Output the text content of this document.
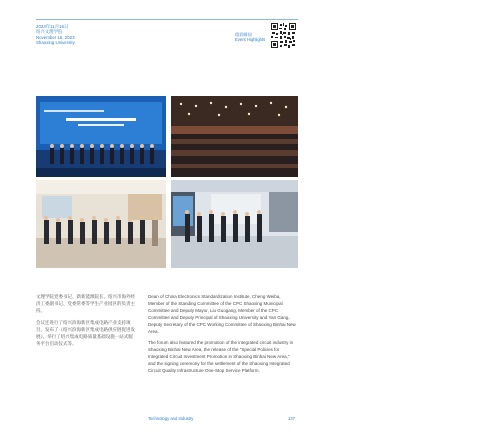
2023年11月16日
绍兴文理学院
November 16, 2023
Shaoxing University
精彩瞬间
Event Highlights

文理学院党委书记、新新能源院长、绍兴市海外经济工委副书记、党委常委等学生产业园区的负责主持。

会议还进行了绍兴滨海新区集成电路产业支持项目、发布了《绍兴滨海新区集成电路供应链促进发展》，举行了绍兴集成电路质量基础设施一站式服务平台启动仪式等。

Dean of China Electronics Standardization Institute, Cheng Weiba, Member of the Standing Committee of the CPC Shaoxing Municipal Committee and Deputy Mayor, Liu Guogang, Member of the CPC Committee and Deputy Principal of Shaoxing University and Yan Gang, Deputy Secretary of the CPC Working Committee of Shaoxing Binhai New Area.

The forum also featured the promotion of the integrated circuit industry in Shaoxing Binhai New Area, the release of the "Special Policies for Integrated Circuit Investment Promotion in Shaoxing Binhai New Area," and the signing ceremony for the settlement of the Shaoxing Integrated Circuit Quality Infrastructure One-Stop Service Platform.

Technology and Industry	137
